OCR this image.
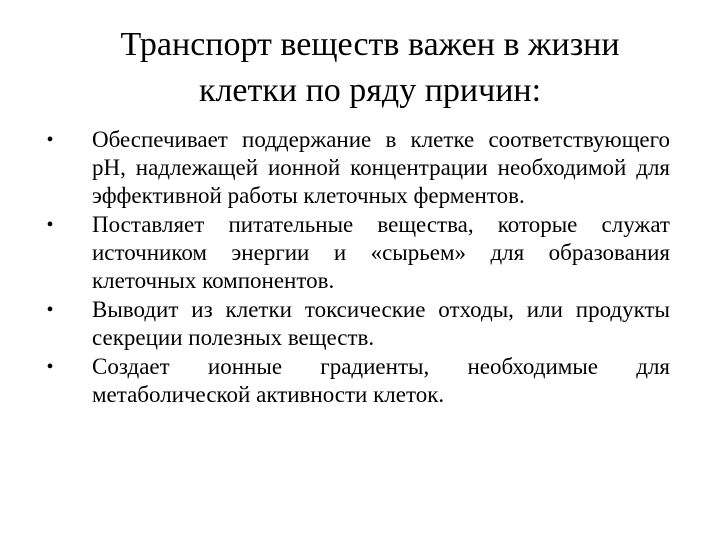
Транспорт веществ важен в жизни
клетки по ряду причин:
• Обеспечивает поддержание в клетке соответствующего рН, надлежащей ионной концентрации необходимой для эффективной работы клеточных ферментов.
• Поставляет питательные вещества, которые служат источником энергии и «сырьем» для образования клеточных компонентов.
• Выводит из клетки токсические отходы, или продукты секреции полезных веществ.
• Создает ионные градиенты, необходимые для метаболической активности клеток.
